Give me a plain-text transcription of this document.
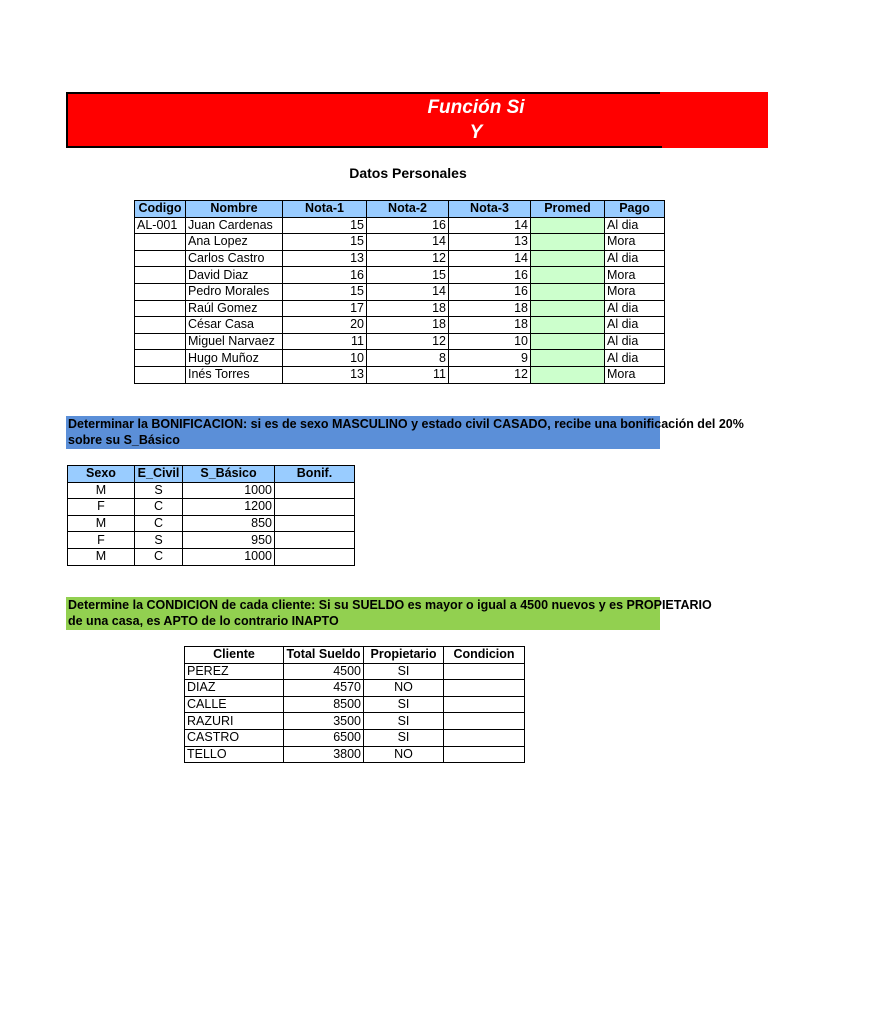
Función Si
Y
Datos Personales
Codigo	Nombre	Nota-1	Nota-2	Nota-3	Promed	Pago
AL-001	Juan Cardenas	15	16	14		Al dia
	Ana Lopez	15	14	13		Mora
	Carlos Castro	13	12	14		Al dia
	David Diaz	16	15	16		Mora
	Pedro Morales	15	14	16		Mora
	Raúl Gomez	17	18	18		Al dia
	César Casa	20	18	18		Al dia
	Miguel Narvaez	11	12	10		Al dia
	Hugo Muñoz	10	8	9		Al dia
	Inés Torres	13	11	12		Mora
Determinar la BONIFICACION: si es de sexo MASCULINO y estado civil CASADO, recibe una bonificación del 20%
sobre su S_Básico
Sexo	E_Civil	S_Básico	Bonif.
M	S	1000	
F	C	1200	
M	C	850	
F	S	950	
M	C	1000	
Determine la CONDICION de cada cliente: Si su SUELDO es mayor o igual a 4500 nuevos y es PROPIETARIO
de una casa, es APTO de lo contrario INAPTO
Cliente	Total Sueldo	Propietario	Condicion
PEREZ	4500	SI	
DIAZ	4570	NO	
CALLE	8500	SI	
RAZURI	3500	SI	
CASTRO	6500	SI	
TELLO	3800	NO	
